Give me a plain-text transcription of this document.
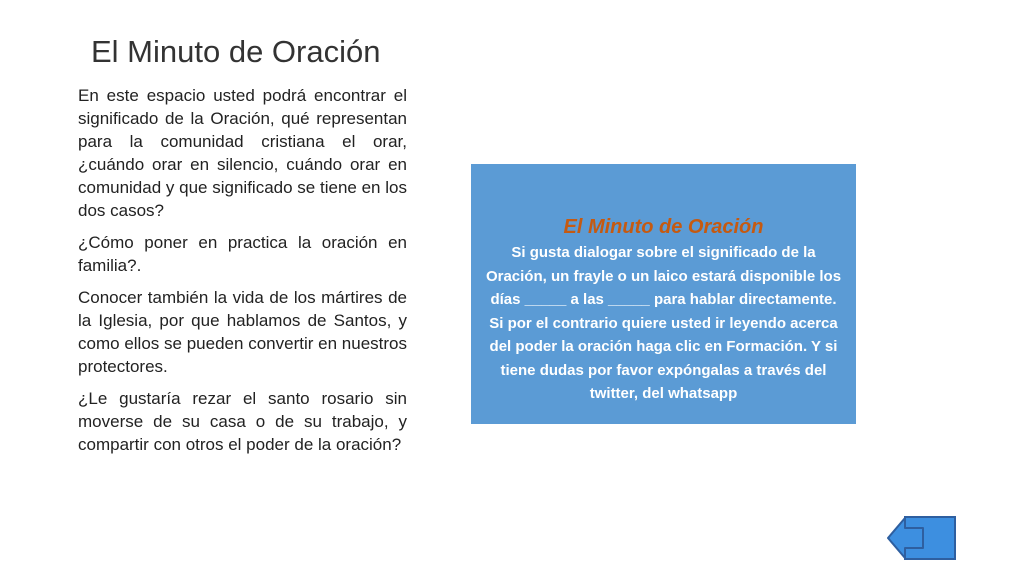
El Minuto de Oración

En este espacio usted podrá encontrar el significado de la Oración, qué representan para la comunidad cristiana el orar, ¿cuándo orar en silencio, cuándo orar en comunidad y que significado se tiene en los dos casos?

¿Cómo poner en practica la oración en familia?.

Conocer también la vida de los mártires de la Iglesia, por que hablamos de Santos, y como ellos se pueden convertir en nuestros protectores.

¿Le gustaría rezar el santo rosario sin moverse de su casa o de su trabajo, y compartir con otros el poder de la oración?

El Minuto de Oración

Si gusta dialogar sobre el significado de la Oración, un frayle o un laico estará disponible los días _____ a las _____ para hablar directamente. Si por el contrario quiere usted ir leyendo acerca del poder la oración haga clic en Formación. Y si tiene dudas por favor expóngalas a través del twitter, del whatsapp
